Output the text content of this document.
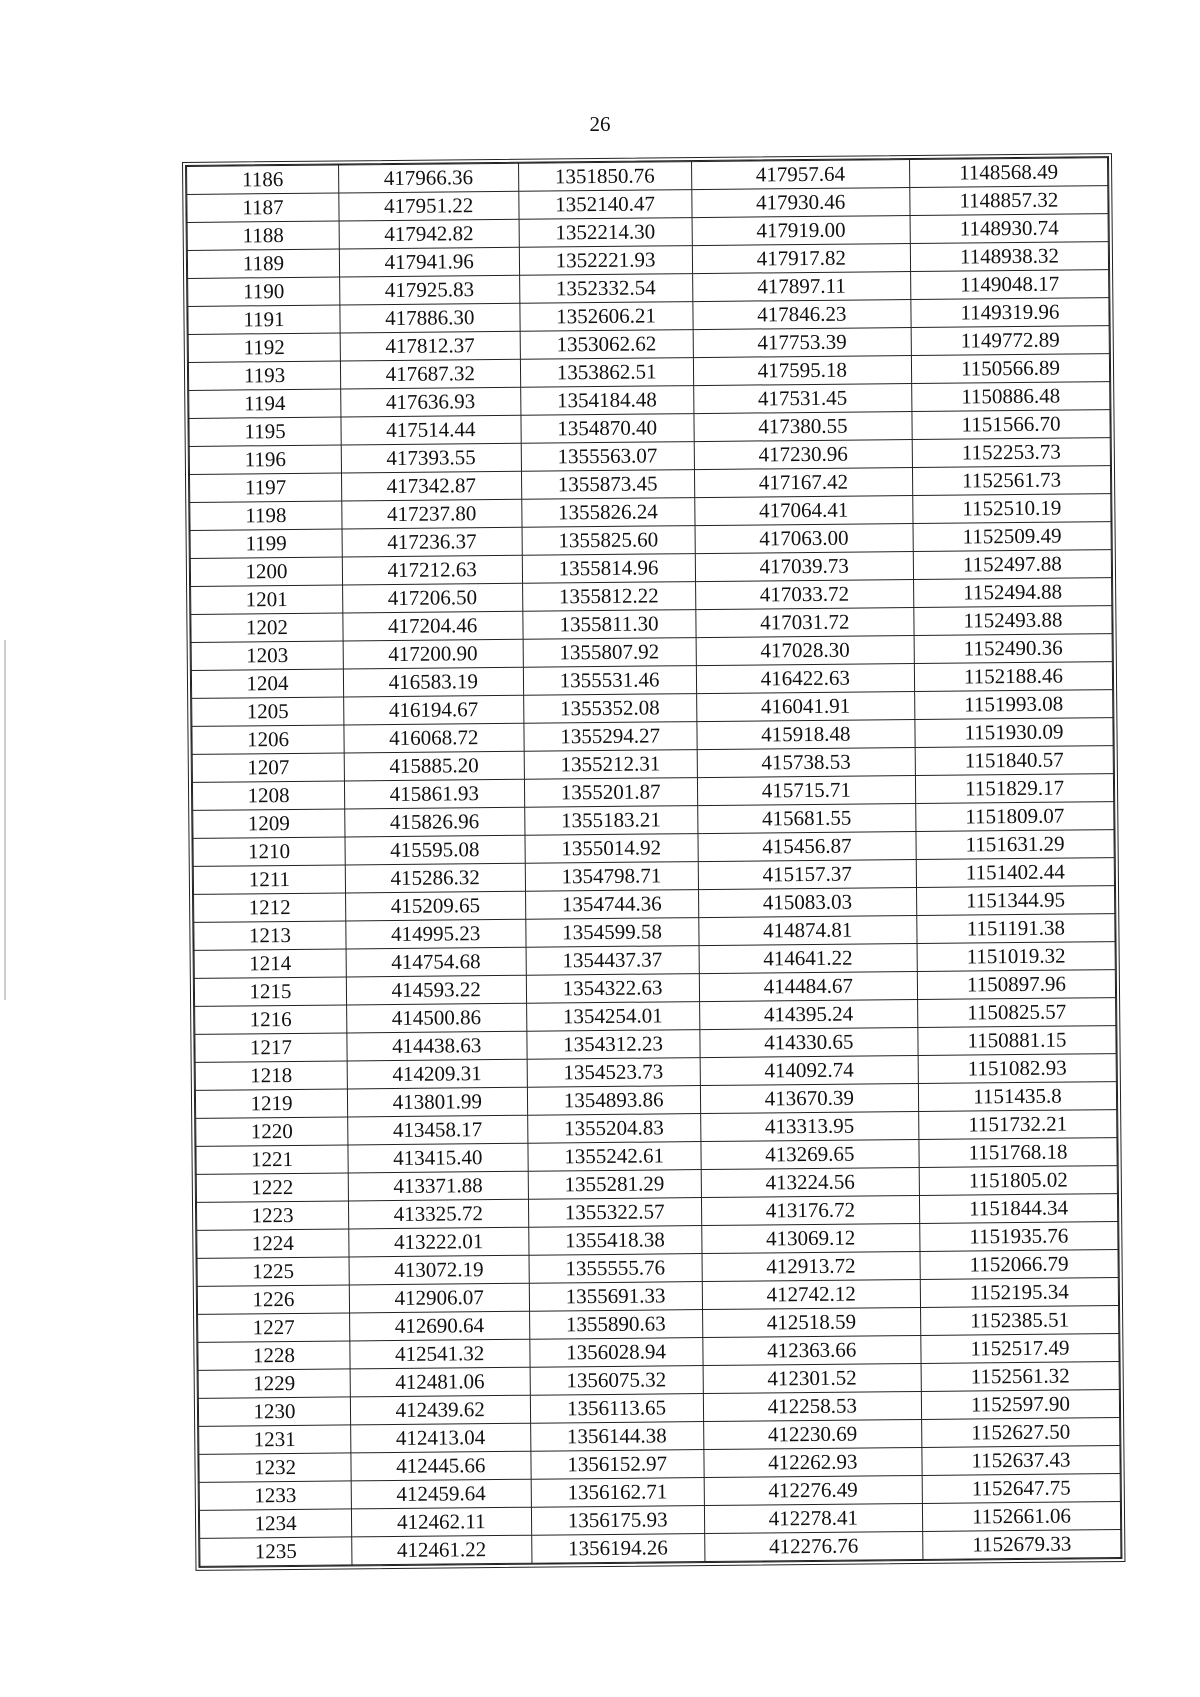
26
1186	417966.36	1351850.76	417957.64	1148568.49
1187	417951.22	1352140.47	417930.46	1148857.32
1188	417942.82	1352214.30	417919.00	1148930.74
1189	417941.96	1352221.93	417917.82	1148938.32
1190	417925.83	1352332.54	417897.11	1149048.17
1191	417886.30	1352606.21	417846.23	1149319.96
1192	417812.37	1353062.62	417753.39	1149772.89
1193	417687.32	1353862.51	417595.18	1150566.89
1194	417636.93	1354184.48	417531.45	1150886.48
1195	417514.44	1354870.40	417380.55	1151566.70
1196	417393.55	1355563.07	417230.96	1152253.73
1197	417342.87	1355873.45	417167.42	1152561.73
1198	417237.80	1355826.24	417064.41	1152510.19
1199	417236.37	1355825.60	417063.00	1152509.49
1200	417212.63	1355814.96	417039.73	1152497.88
1201	417206.50	1355812.22	417033.72	1152494.88
1202	417204.46	1355811.30	417031.72	1152493.88
1203	417200.90	1355807.92	417028.30	1152490.36
1204	416583.19	1355531.46	416422.63	1152188.46
1205	416194.67	1355352.08	416041.91	1151993.08
1206	416068.72	1355294.27	415918.48	1151930.09
1207	415885.20	1355212.31	415738.53	1151840.57
1208	415861.93	1355201.87	415715.71	1151829.17
1209	415826.96	1355183.21	415681.55	1151809.07
1210	415595.08	1355014.92	415456.87	1151631.29
1211	415286.32	1354798.71	415157.37	1151402.44
1212	415209.65	1354744.36	415083.03	1151344.95
1213	414995.23	1354599.58	414874.81	1151191.38
1214	414754.68	1354437.37	414641.22	1151019.32
1215	414593.22	1354322.63	414484.67	1150897.96
1216	414500.86	1354254.01	414395.24	1150825.57
1217	414438.63	1354312.23	414330.65	1150881.15
1218	414209.31	1354523.73	414092.74	1151082.93
1219	413801.99	1354893.86	413670.39	1151435.8
1220	413458.17	1355204.83	413313.95	1151732.21
1221	413415.40	1355242.61	413269.65	1151768.18
1222	413371.88	1355281.29	413224.56	1151805.02
1223	413325.72	1355322.57	413176.72	1151844.34
1224	413222.01	1355418.38	413069.12	1151935.76
1225	413072.19	1355555.76	412913.72	1152066.79
1226	412906.07	1355691.33	412742.12	1152195.34
1227	412690.64	1355890.63	412518.59	1152385.51
1228	412541.32	1356028.94	412363.66	1152517.49
1229	412481.06	1356075.32	412301.52	1152561.32
1230	412439.62	1356113.65	412258.53	1152597.90
1231	412413.04	1356144.38	412230.69	1152627.50
1232	412445.66	1356152.97	412262.93	1152637.43
1233	412459.64	1356162.71	412276.49	1152647.75
1234	412462.11	1356175.93	412278.41	1152661.06
1235	412461.22	1356194.26	412276.76	1152679.33
